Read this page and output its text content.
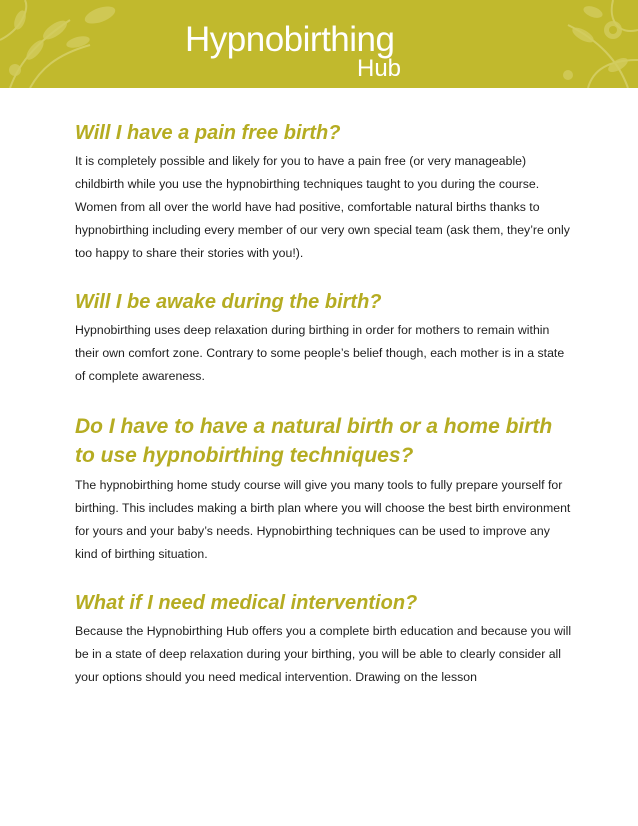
Hypnobirthing
Hub
Will I have a pain free birth?

It is completely possible and likely for you to have a pain free (or very manageable) childbirth while you use the hypnobirthing techniques taught to you during the course. Women from all over the world have had positive, comfortable natural births thanks to hypnobirthing including every member of our very own special team (ask them, they’re only too happy to share their stories with you!).

Will I be awake during the birth?

Hypnobirthing uses deep relaxation during birthing in order for mothers to remain within their own comfort zone. Contrary to some people’s belief though, each mother is in a state of complete awareness.

Do I have to have a natural birth or a home birth to use hypnobirthing techniques?

The hypnobirthing home study course will give you many tools to fully prepare yourself for birthing. This includes making a birth plan where you will choose the best birth environment for yours and your baby’s needs. Hypnobirthing techniques can be used to improve any kind of birthing situation.

What if I need medical intervention?

Because the Hypnobirthing Hub offers you a complete birth education and because you will be in a state of deep relaxation during your birthing, you will be able to clearly consider all your options should you need medical intervention. Drawing on the lesson
